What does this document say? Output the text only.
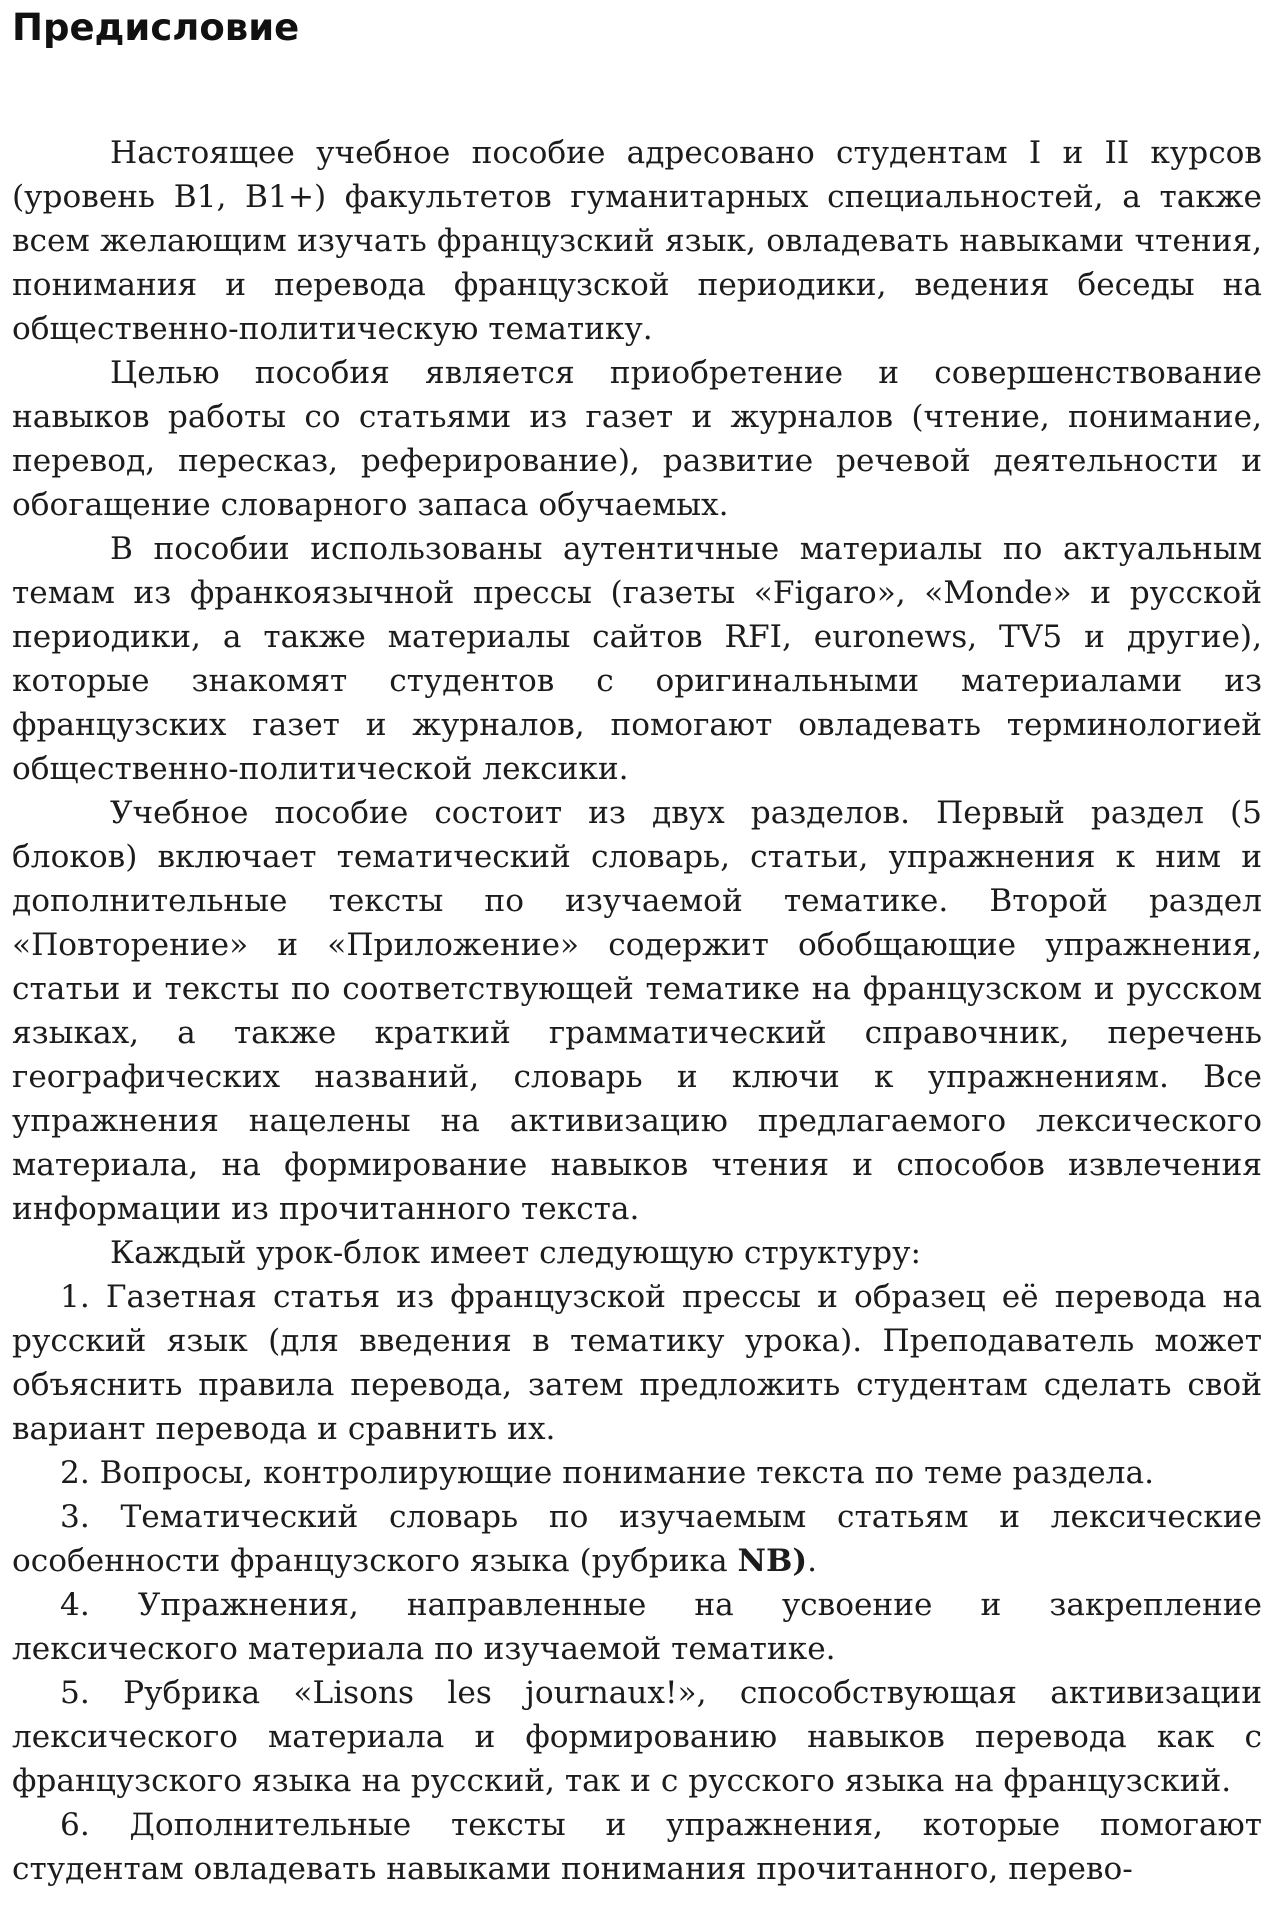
Предисловие

Настоящее учебное пособие адресовано студентам I и II курсов (уровень B1, B1+) факультетов гуманитарных специальностей, а также всем желающим изучать французский язык, овладевать навыками чтения, понимания и перевода французской периодики, ведения беседы на общественно-политическую тематику.

Целью пособия является приобретение и совершенствование навыков работы со статьями из газет и журналов (чтение, понимание, перевод, пересказ, реферирование), развитие речевой деятельности и обогащение словарного запаса обучаемых.

В пособии использованы аутентичные материалы по актуальным темам из франкоязычной прессы (газеты «Figaro», «Monde» и русской периодики, а также материалы сайтов RFI, euronews, TV5 и другие), которые знакомят студентов с оригинальными материалами из французских газет и журналов, помогают овладевать терминологией общественно-политической лексики.

Учебное пособие состоит из двух разделов. Первый раздел (5 блоков) включает тематический словарь, статьи, упражнения к ним и дополнительные тексты по изучаемой тематике. Второй раздел «Повторение» и «Приложение» содержит обобщающие упражнения, статьи и тексты по соответствующей тематике на французском и русском языках, а также краткий грамматический справочник, перечень географических названий, словарь и ключи к упражнениям. Все упражнения нацелены на активизацию предлагаемого лексического материала, на формирование навыков чтения и способов извлечения информации из прочитанного текста.

Каждый урок-блок имеет следующую структуру:

1. Газетная статья из французской прессы и образец её перевода на русский язык (для введения в тематику урока). Преподаватель может объяснить правила перевода, затем предложить студентам сделать свой вариант перевода и сравнить их.

2. Вопросы, контролирующие понимание текста по теме раздела.

3. Тематический словарь по изучаемым статьям и лексические особенности французского языка (рубрика NB).

4. Упражнения, направленные на усвоение и закрепление лексического материала по изучаемой тематике.

5. Рубрика «Lisons les journaux!», способствующая активизации лексического материала и формированию навыков перевода как с французского языка на русский, так и с русского языка на французский.

6. Дополнительные тексты и упражнения, которые помогают студентам овладевать навыками понимания прочитанного, перево-
